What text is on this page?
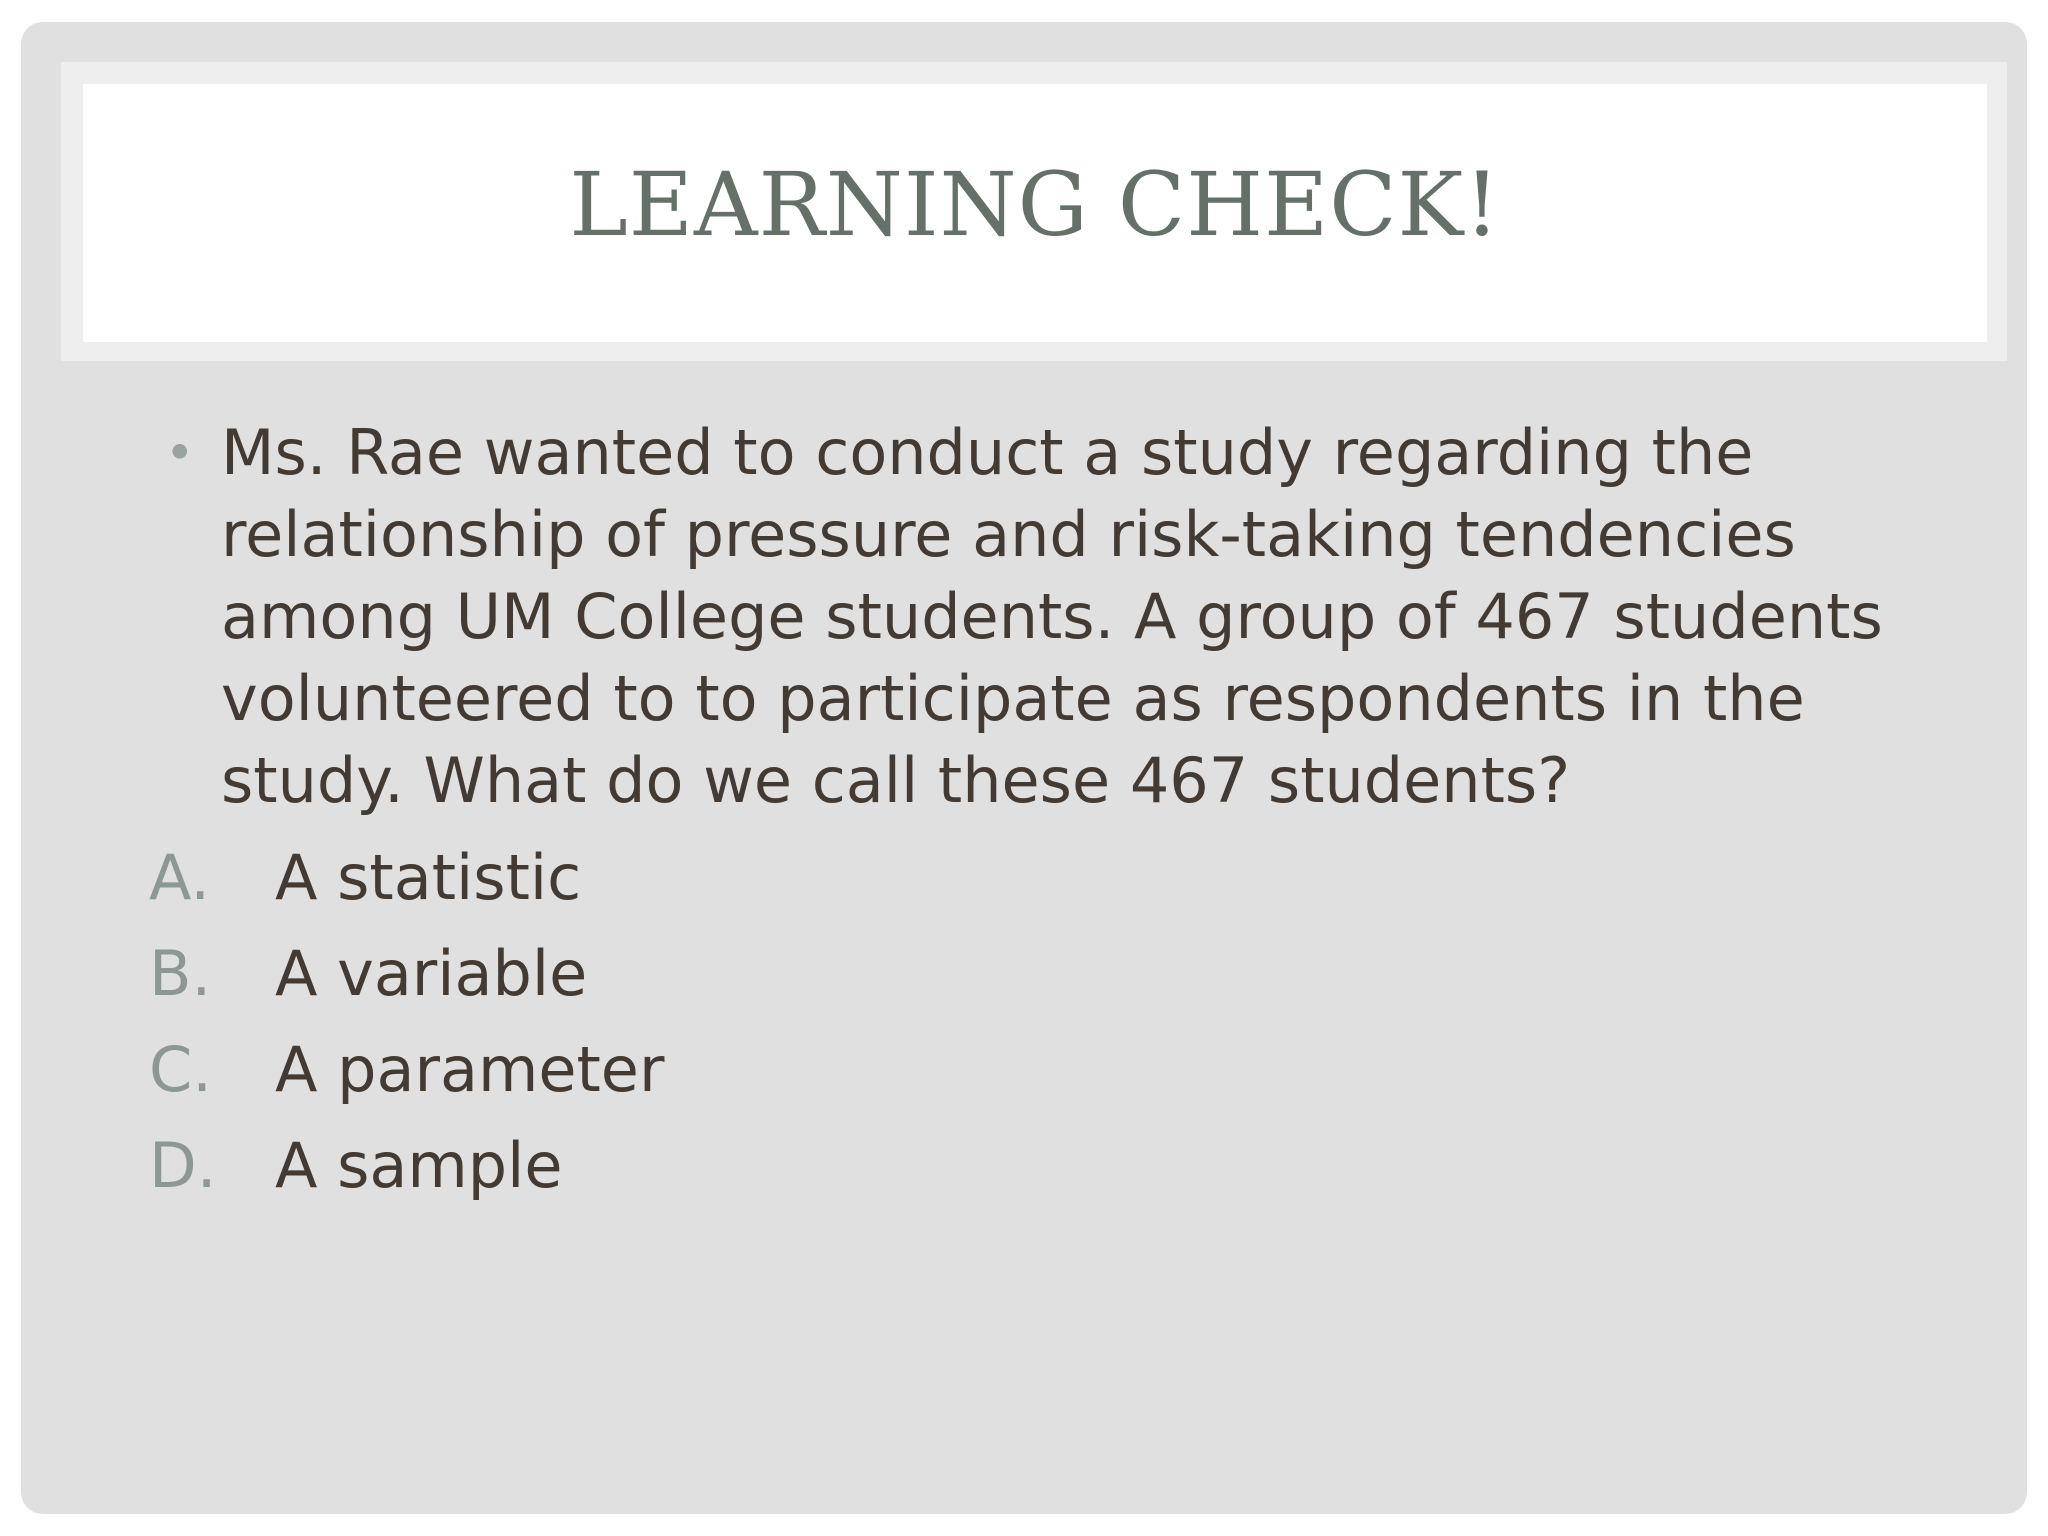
LEARNING CHECK!

• Ms. Rae wanted to conduct a study regarding the relationship of pressure and risk-taking tendencies among UM College students. A group of 467 students volunteered to to participate as respondents in the study. What do we call these 467 students?

A.	A statistic
B.	A variable
C.	A parameter
D. A sample
